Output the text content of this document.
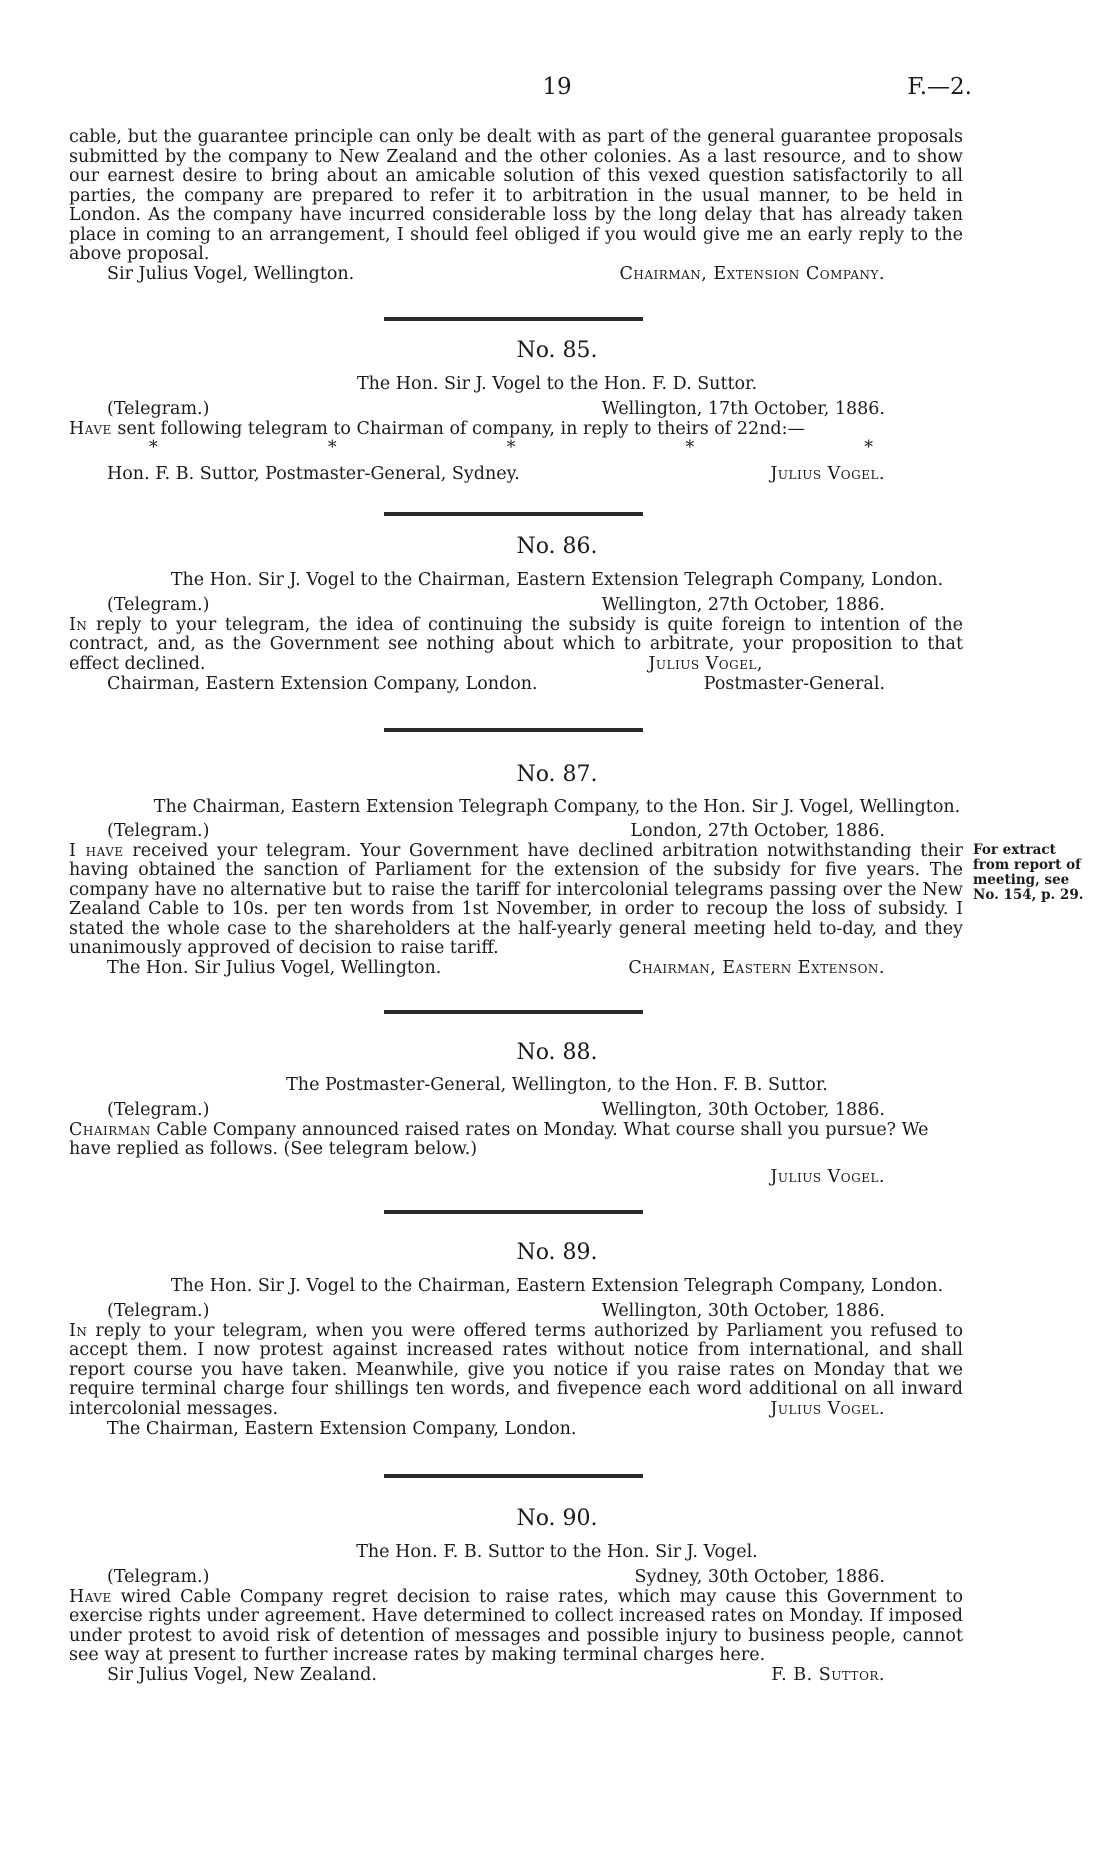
19	F.—2.
cable, but the guarantee principle can only be dealt with as part of the general guarantee proposals submitted by the company to New Zealand and the other colonies. As a last resource, and to show our earnest desire to bring about an amicable solution of this vexed question satisfactorily to all parties, the company are prepared to refer it to arbitration in the usual manner, to be held in London. As the company have incurred considerable loss by the long delay that has already taken place in coming to an arrangement, I should feel obliged if you would give me an early reply to the above proposal.
Sir Julius Vogel, Wellington.	Chairman, Extension Company.
No. 85.
The Hon. Sir J. Vogel to the Hon. F. D. Suttor.
(Telegram.)	Wellington, 17th October, 1886.
Have sent following telegram to Chairman of company, in reply to theirs of 22nd:—
*	*	*	*	*
Hon. F. B. Suttor, Postmaster-General, Sydney.	Julius Vogel.
No. 86.
The Hon. Sir J. Vogel to the Chairman, Eastern Extension Telegraph Company, London.
(Telegram.)	Wellington, 27th October, 1886.
In reply to your telegram, the idea of continuing the subsidy is quite foreign to intention of the contract, and, as the Government see nothing about which to arbitrate, your proposition to that effect declined.	Julius Vogel,
Chairman, Eastern Extension Company, London.	Postmaster-General.
No. 87.
The Chairman, Eastern Extension Telegraph Company, to the Hon. Sir J. Vogel, Wellington.
(Telegram.)	London, 27th October, 1886.
I have received your telegram. Your Government have declined arbitration notwithstanding their having obtained the sanction of Parliament for the extension of the subsidy for five years. The company have no alternative but to raise the tariff for intercolonial telegrams passing over the New Zealand Cable to 10s. per ten words from 1st November, in order to recoup the loss of subsidy. I stated the whole case to the shareholders at the half-yearly general meeting held to-day, and they unanimously approved of decision to raise tariff.
The Hon. Sir Julius Vogel, Wellington.	Chairman, Eastern Extenson.
For extract from report of meeting, see No. 154, p. 29.
No. 88.
The Postmaster-General, Wellington, to the Hon. F. B. Suttor.
(Telegram.)	Wellington, 30th October, 1886.
Chairman Cable Company announced raised rates on Monday. What course shall you pursue? We have replied as follows. (See telegram below.)
Julius Vogel.
No. 89.
The Hon. Sir J. Vogel to the Chairman, Eastern Extension Telegraph Company, London.
(Telegram.)	Wellington, 30th October, 1886.
In reply to your telegram, when you were offered terms authorized by Parliament you refused to accept them. I now protest against increased rates without notice from international, and shall report course you have taken. Meanwhile, give you notice if you raise rates on Monday that we require terminal charge four shillings ten words, and fivepence each word additional on all inward intercolonial messages.	Julius Vogel.
The Chairman, Eastern Extension Company, London.
No. 90.
The Hon. F. B. Suttor to the Hon. Sir J. Vogel.
(Telegram.)	Sydney, 30th October, 1886.
Have wired Cable Company regret decision to raise rates, which may cause this Government to exercise rights under agreement. Have determined to collect increased rates on Monday. If imposed under protest to avoid risk of detention of messages and possible injury to business people, cannot see way at present to further increase rates by making terminal charges here.
Sir Julius Vogel, New Zealand.	F. B. Suttor.
